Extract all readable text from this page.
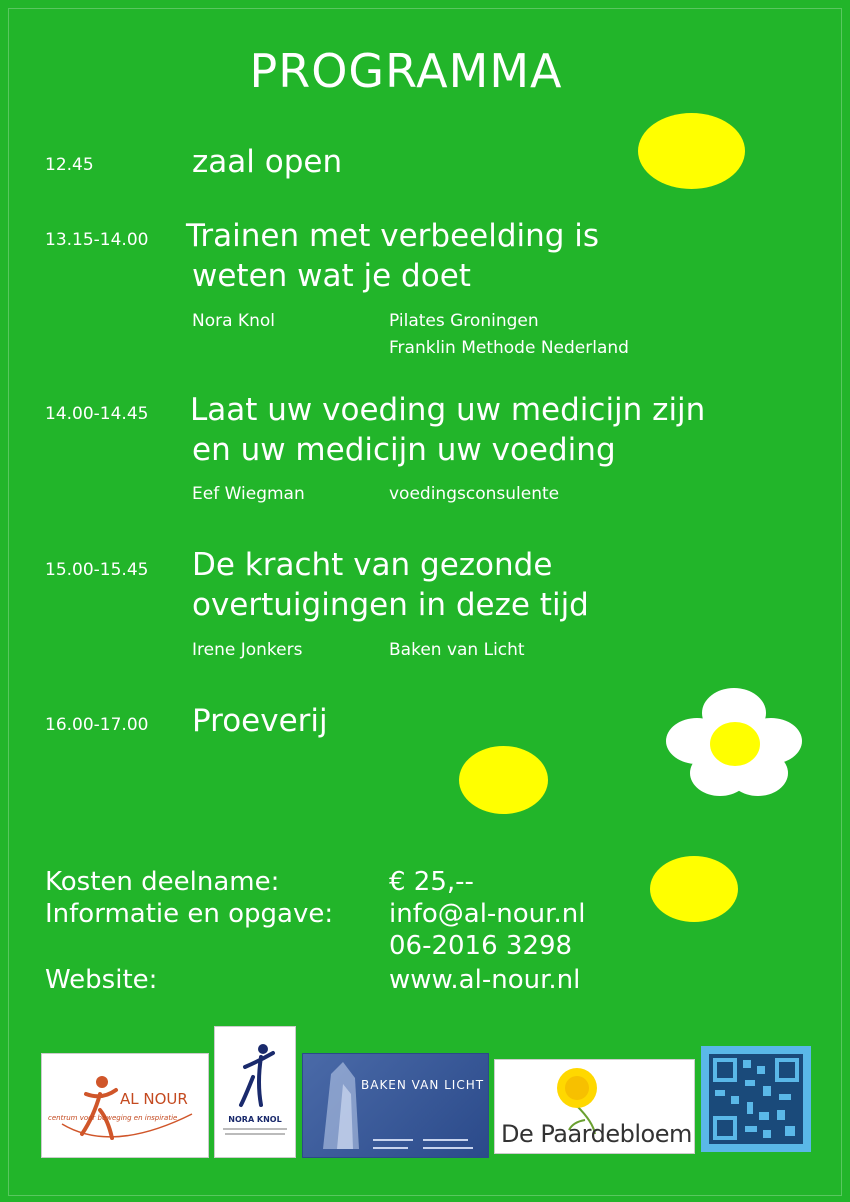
PROGRAMMA
12.45	zaal open
13.15-14.00 Trainen met verbeelding is
weten wat je doet
Nora Knol	Pilates Groningen
Franklin Methode Nederland
14.00-14.45 Laat uw voeding uw medicijn zijn
en uw medicijn uw voeding
Eef Wiegman	voedingsconsulente
15.00-15.45 De kracht van gezonde
overtuigingen in deze tijd
Irene Jonkers	Baken van Licht
16.00-17.00 Proeverij
Kosten deelname:	€ 25,--
Informatie en opgave: info@al-nour.nl
06-2016 3298
Website:	www.al-nour.nl
AL NOUR
centrum voor beweging en inspiratie	NORA KNOL
BAKEN VAN LICHT
De Paardebloem
